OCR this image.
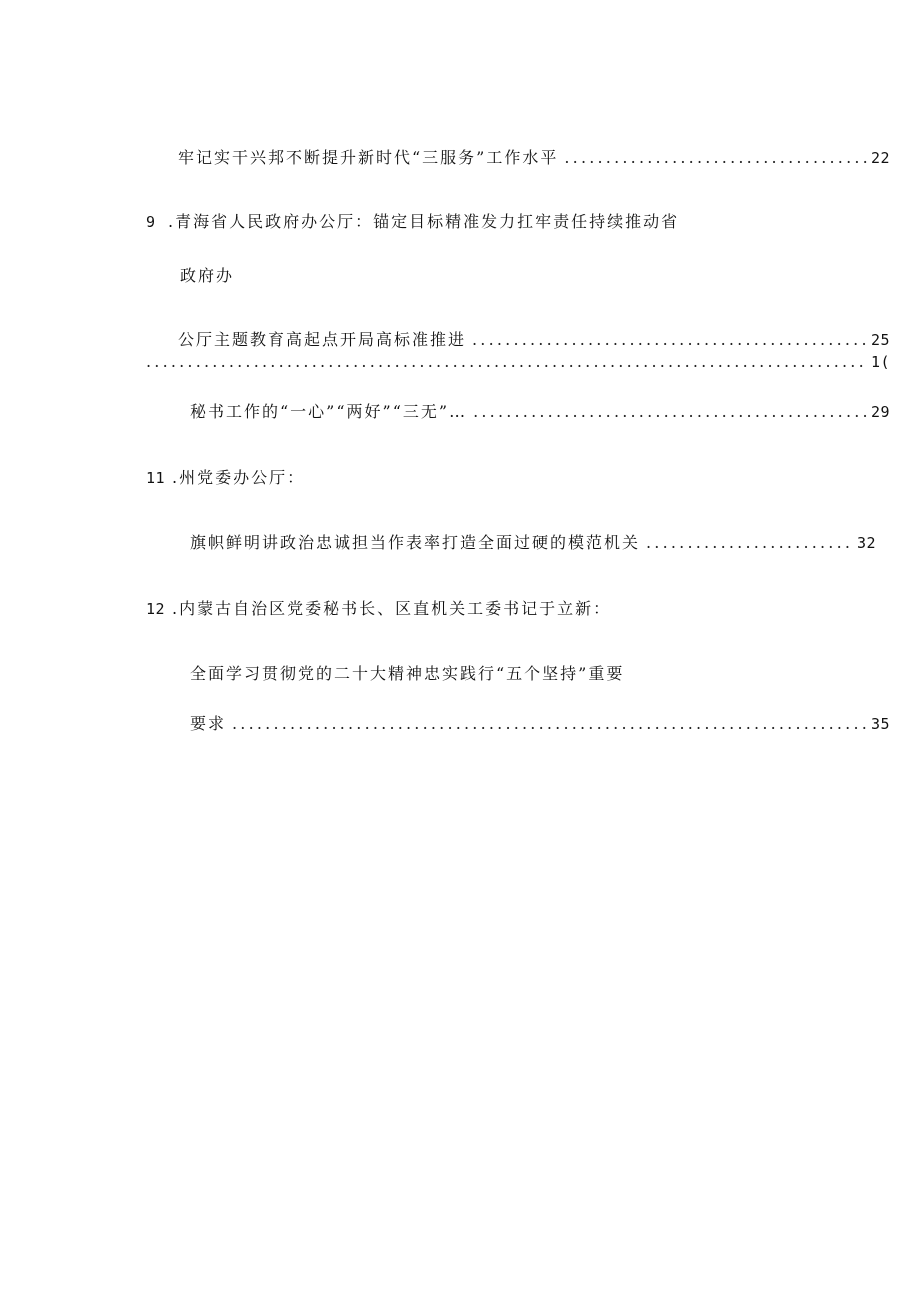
牢记实干兴邦不断提升新时代“三服务”工作水平 .....	22
9 .青海省人民政府办公厅：锚定目标精准发力扛牢责任持续推动省
政府办
公厅主题教育高起点开局高标准推进 .....	25
.....
1(
秘书工作的“一心”“两好”“三无”… .....	29
11 .州党委办公厅：
旗帜鲜明讲政治忠诚担当作表率打造全面过硬的模范机关 .....	32
12 .内蒙古自治区党委秘书长、区直机关工委书记于立新：
全面学习贯彻党的二十大精神忠实践行“五个坚持”重要
要求 .....	35
